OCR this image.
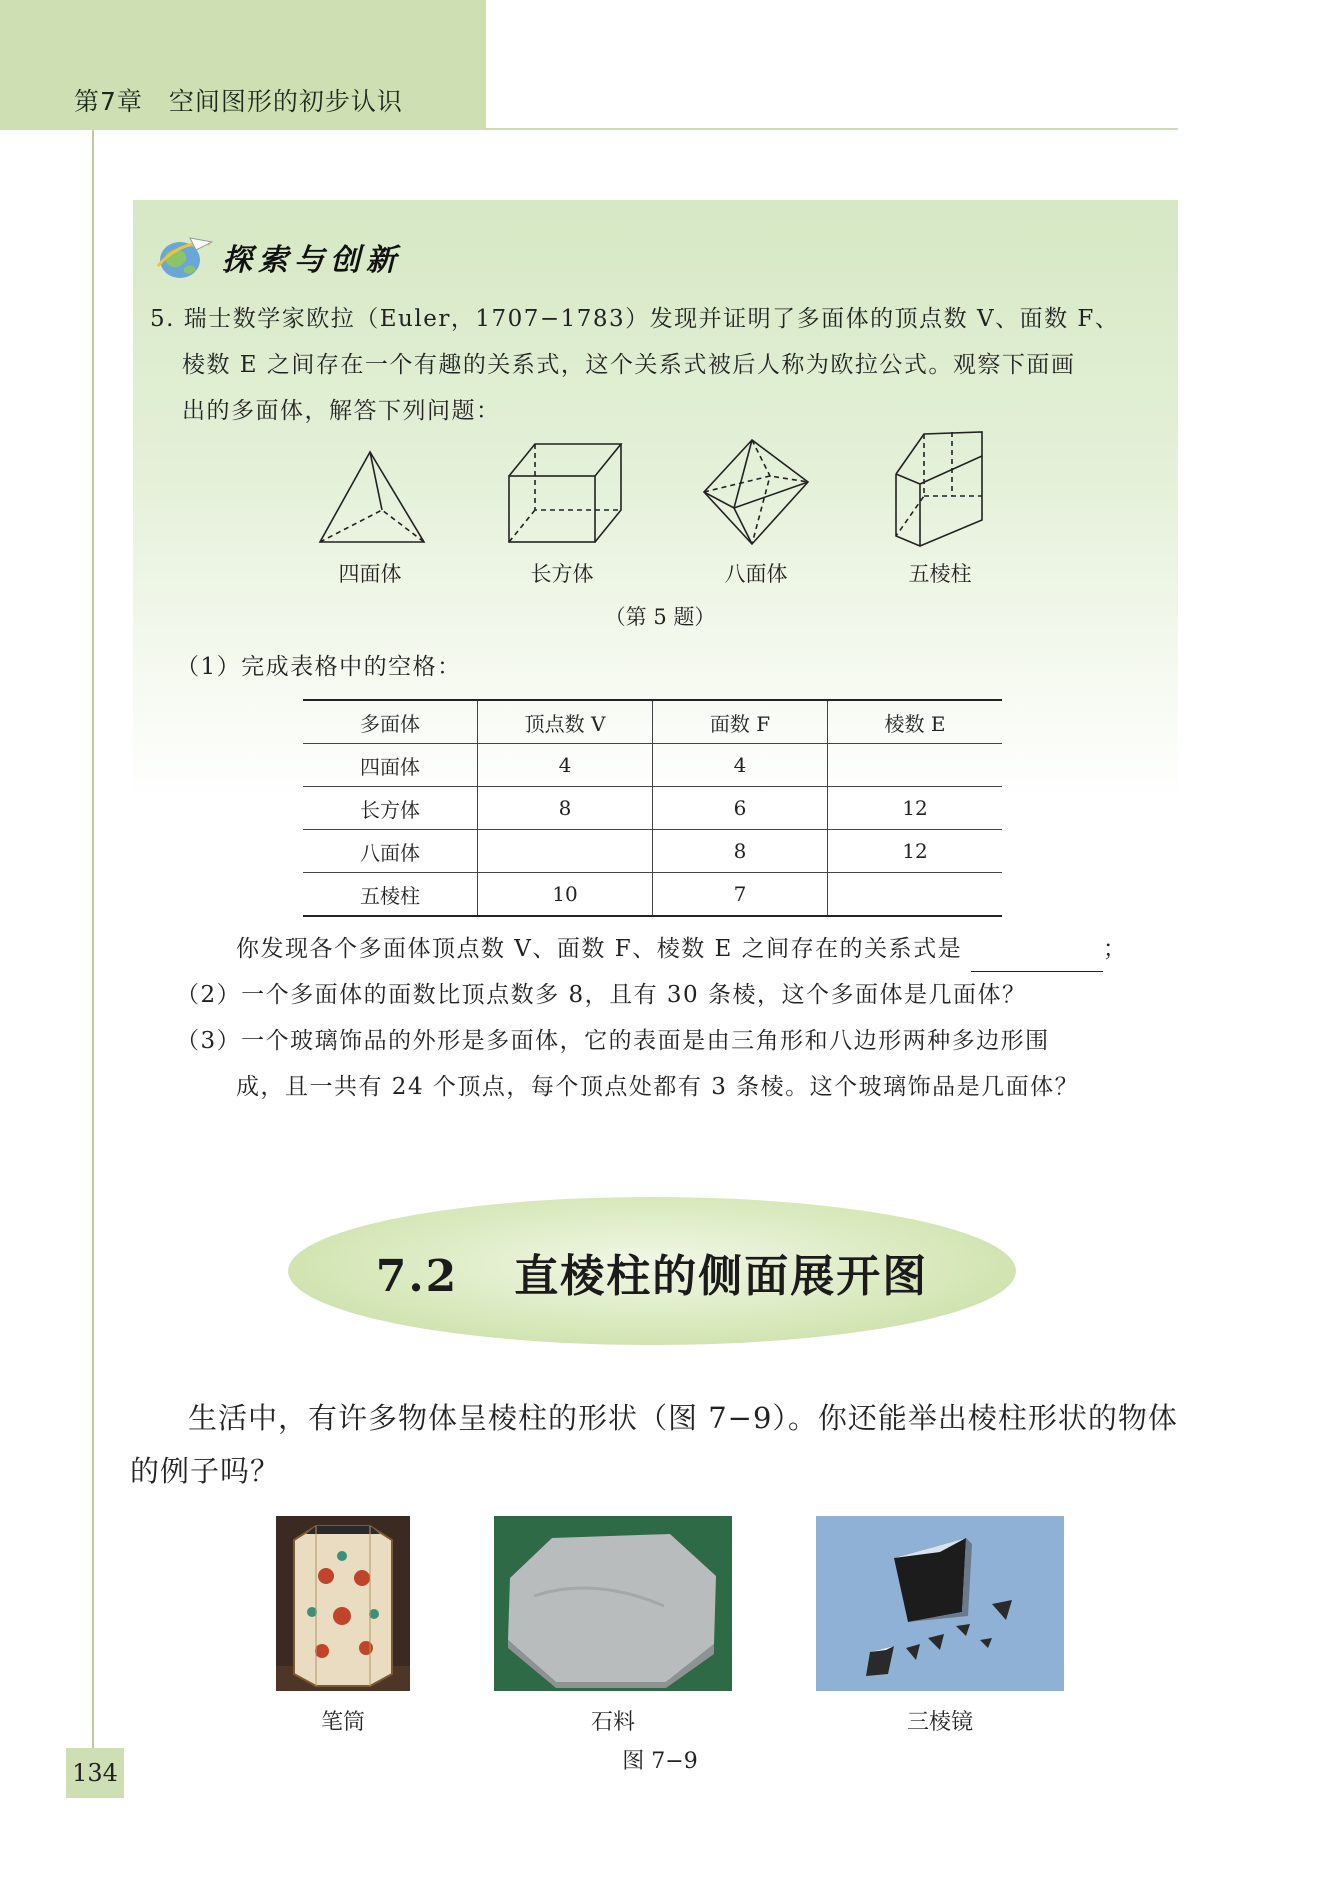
第7章　空间图形的初步认识
探索与创新
5. 瑞士数学家欧拉（Euler，1707−1783）发现并证明了多面体的顶点数 V、面数 F、
棱数 E 之间存在一个有趣的关系式，这个关系式被后人称为欧拉公式。观察下面画
出的多面体，解答下列问题：
四面体	长方体	八面体	五棱柱
（第 5 题）
（1）完成表格中的空格：
多面体	顶点数 V	面数 F	棱数 E
四面体	4	4	
长方体	8	6	12
八面体		8	12
五棱柱	10	7	
你发现各个多面体顶点数 V、面数 F、棱数 E 之间存在的关系式是	；
（2）一个多面体的面数比顶点数多 8，且有 30 条棱，这个多面体是几面体？
（3）一个玻璃饰品的外形是多面体，它的表面是由三角形和八边形两种多边形围
成，且一共有 24 个顶点，每个顶点处都有 3 条棱。这个玻璃饰品是几面体？
7.2 直棱柱的侧面展开图
生活中，有许多物体呈棱柱的形状（图 7−9）。你还能举出棱柱形状的物体
的例子吗？
笔筒	石料	三棱镜
图 7−9
134
